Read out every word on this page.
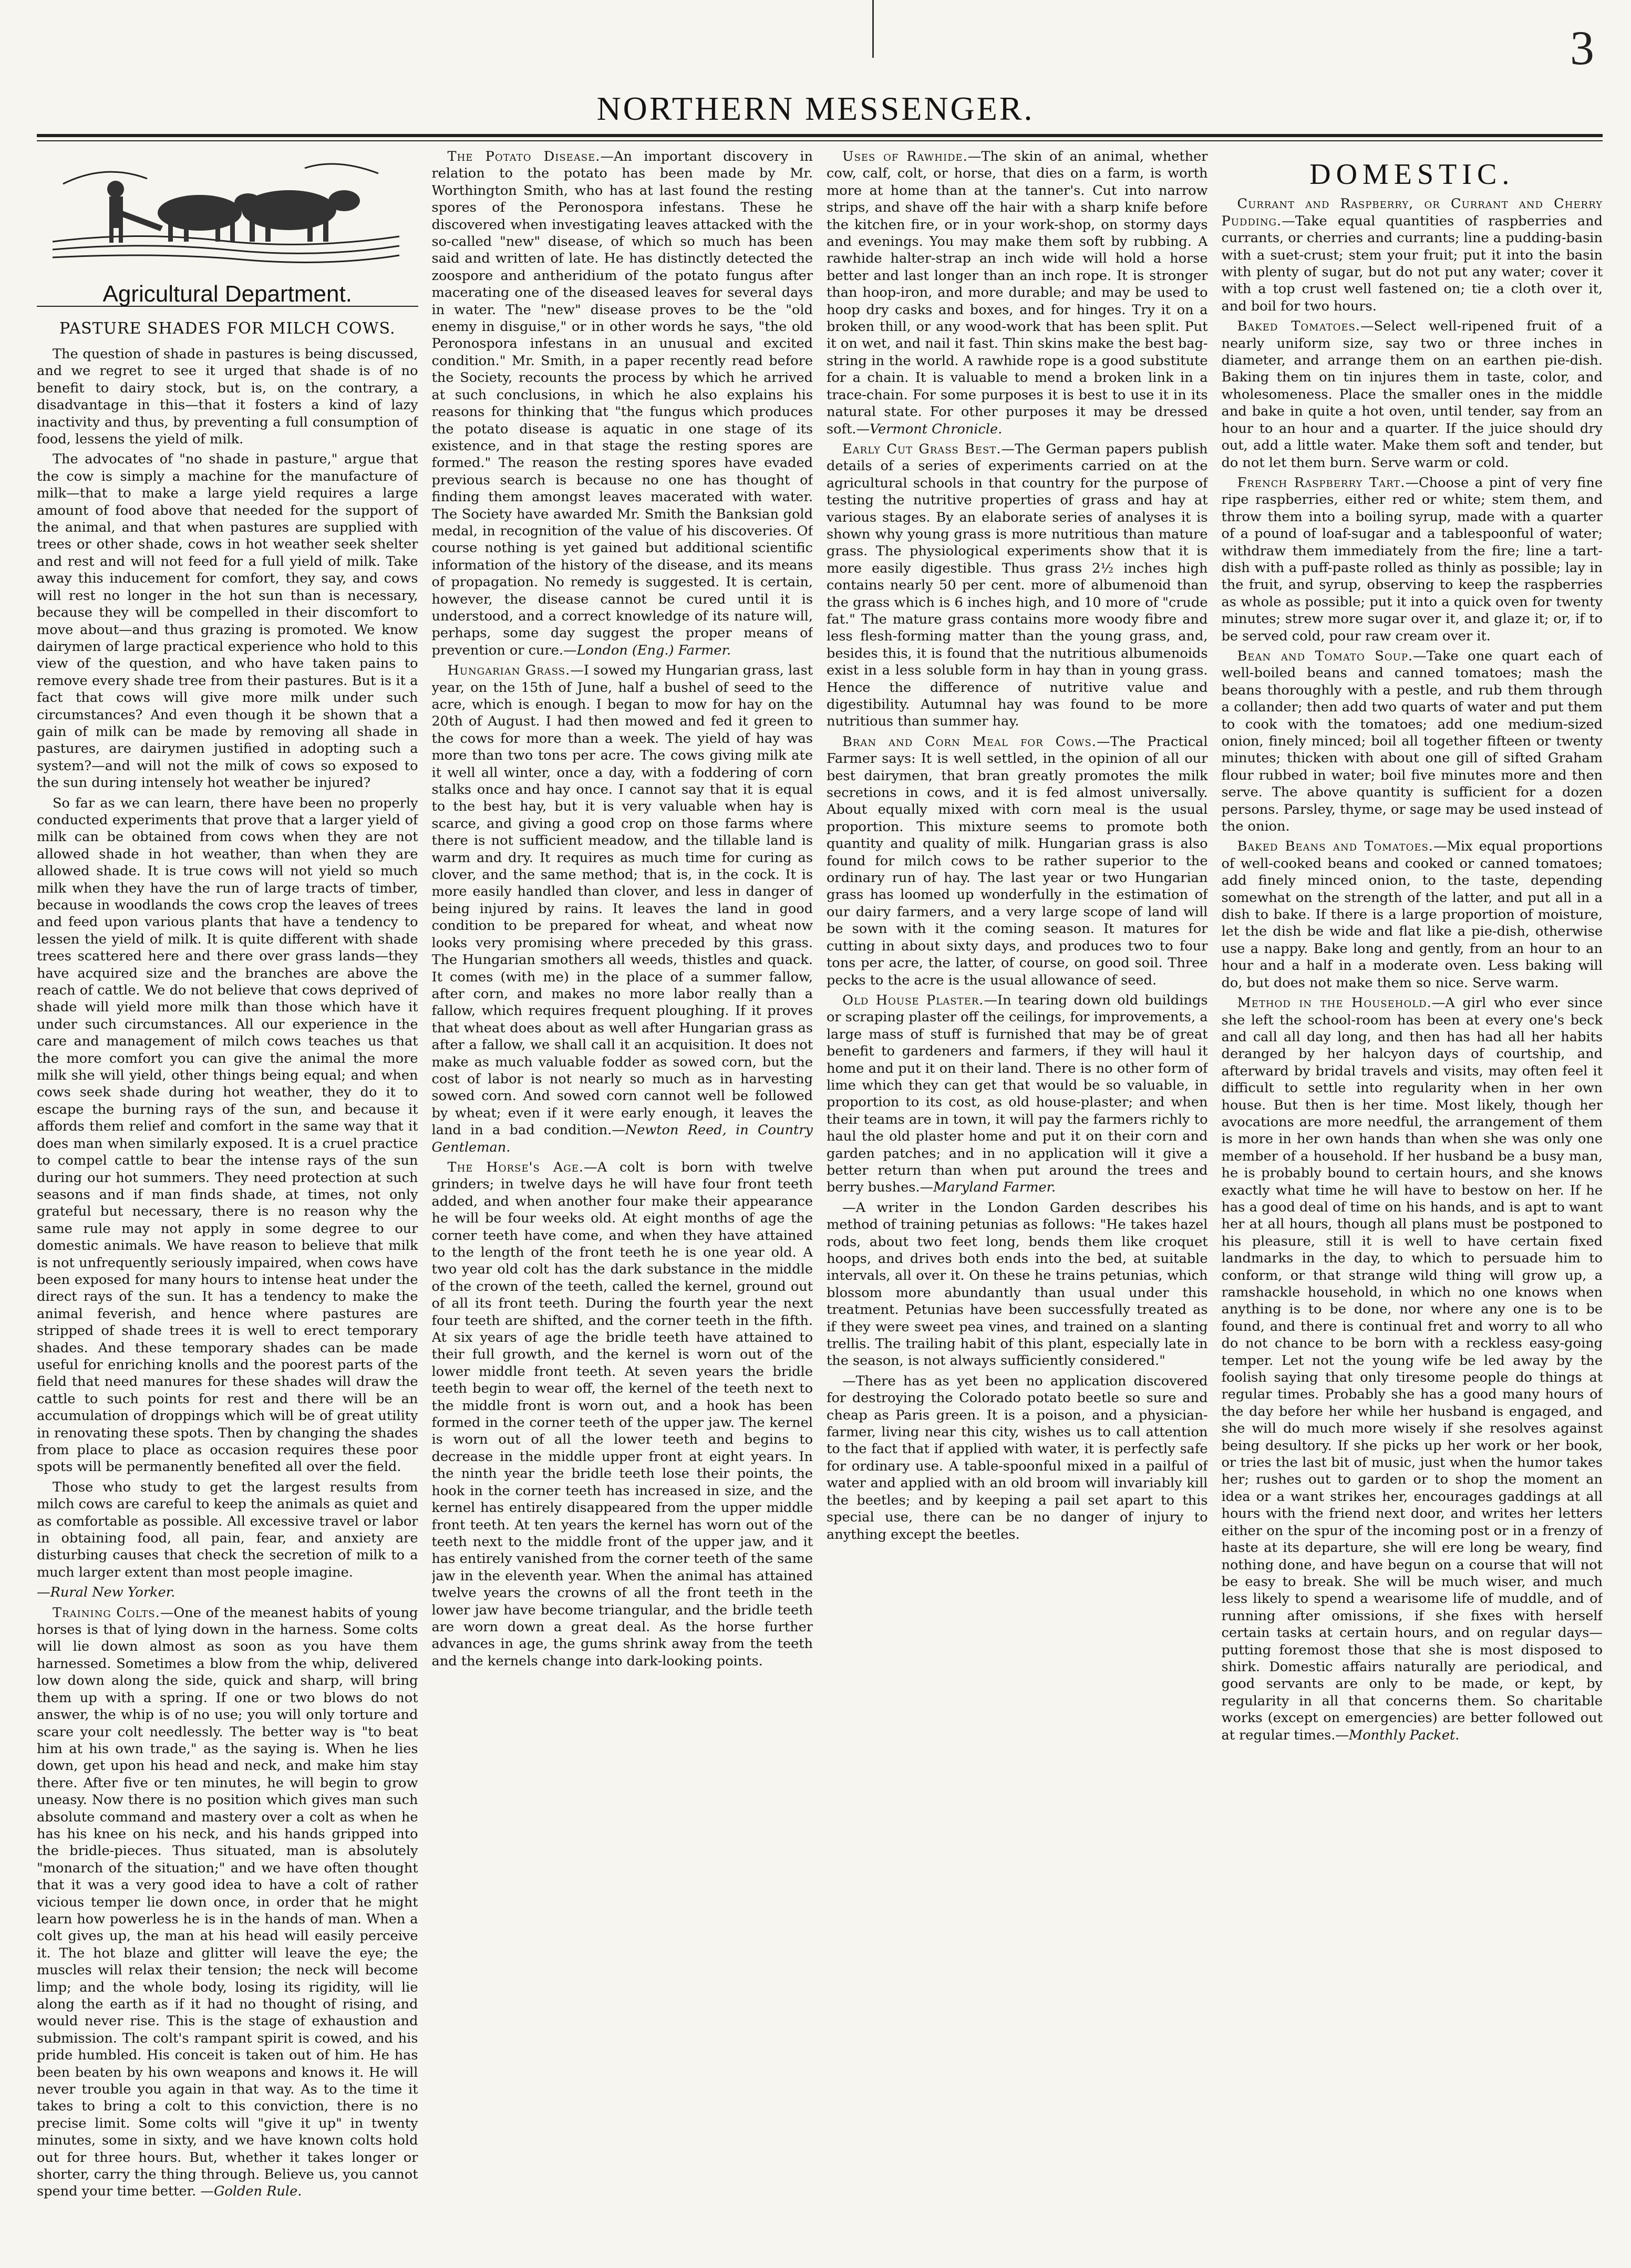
3
NORTHERN MESSENGER.
Agricultural Department.
PASTURE SHADES FOR MILCH COWS.

The question of shade in pastures is being discussed, and we regret to see it urged that shade is of no benefit to dairy stock, but is, on the contrary, a disadvantage in this—that it fosters a kind of lazy inactivity and thus, by preventing a full consumption of food, lessens the yield of milk.

The advocates of "no shade in pasture," argue that the cow is simply a machine for the manufacture of milk—that to make a large yield requires a large amount of food above that needed for the support of the animal, and that when pastures are supplied with trees or other shade, cows in hot weather seek shelter and rest and will not feed for a full yield of milk. Take away this inducement for comfort, they say, and cows will rest no longer in the hot sun than is necessary, because they will be compelled in their discomfort to move about—and thus grazing is promoted. We know dairymen of large practical experience who hold to this view of the question, and who have taken pains to remove every shade tree from their pastures. But is it a fact that cows will give more milk under such circumstances? And even though it be shown that a gain of milk can be made by removing all shade in pastures, are dairymen justified in adopting such a system?—and will not the milk of cows so exposed to the sun during intensely hot weather be injured?

So far as we can learn, there have been no properly conducted experiments that prove that a larger yield of milk can be obtained from cows when they are not allowed shade in hot weather, than when they are allowed shade. It is true cows will not yield so much milk when they have the run of large tracts of timber, because in woodlands the cows crop the leaves of trees and feed upon various plants that have a tendency to lessen the yield of milk. It is quite different with shade trees scattered here and there over grass lands—they have acquired size and the branches are above the reach of cattle. We do not believe that cows deprived of shade will yield more milk than those which have it under such circumstances. All our experience in the care and management of milch cows teaches us that the more comfort you can give the animal the more milk she will yield, other things being equal; and when cows seek shade during hot weather, they do it to escape the burning rays of the sun, and because it affords them relief and comfort in the same way that it does man when similarly exposed. It is a cruel practice to compel cattle to bear the intense rays of the sun during our hot summers. They need protection at such seasons and if man finds shade, at times, not only grateful but necessary, there is no reason why the same rule may not apply in some degree to our domestic animals. We have reason to believe that milk is not unfrequently seriously impaired, when cows have been exposed for many hours to intense heat under the direct rays of the sun. It has a tendency to make the animal feverish, and hence where pastures are stripped of shade trees it is well to erect temporary shades. And these temporary shades can be made useful for enriching knolls and the poorest parts of the field that need manures for these shades will draw the cattle to such points for rest and there will be an accumulation of droppings which will be of great utility in renovating these spots. Then by changing the shades from place to place as occasion requires these poor spots will be permanently benefited all over the field.

Those who study to get the largest results from milch cows are careful to keep the animals as quiet and as comfortable as possible. All excessive travel or labor in obtaining food, all pain, fear, and anxiety are disturbing causes that check the secretion of milk to a much larger extent than most people imagine.

—Rural New Yorker.

Training Colts.—One of the meanest habits of young horses is that of lying down in the harness. Some colts will lie down almost as soon as you have them harnessed. Sometimes a blow from the whip, delivered low down along the side, quick and sharp, will bring them up with a spring. If one or two blows do not answer, the whip is of no use; you will only torture and scare your colt needlessly. The better way is "to beat him at his own trade," as the saying is. When he lies down, get upon his head and neck, and make him stay there. After five or ten minutes, he will begin to grow uneasy. Now there is no position which gives man such absolute command and mastery over a colt as when he has his knee on his neck, and his hands gripped into the bridle-pieces. Thus situated, man is absolutely "monarch of the situation;" and we have often thought that it was a very good idea to have a colt of rather vicious temper lie down once, in order that he might learn how powerless he is in the hands of man. When a colt gives up, the man at his head will easily perceive it. The hot blaze and glitter will leave the eye; the muscles will relax their tension; the neck will become limp; and the whole body, losing its rigidity, will lie along the earth as if it had no thought of rising, and would never rise. This is the stage of exhaustion and submission. The colt's rampant spirit is cowed, and his pride humbled. His conceit is taken out of him. He has been beaten by his own weapons and knows it. He will never trouble you again in that way. As to the time it takes to bring a colt to this conviction, there is no precise limit. Some colts will "give it up" in twenty minutes, some in sixty, and we have known colts hold out for three hours. But, whether it takes longer or shorter, carry the thing through. Believe us, you cannot spend your time better. —Golden Rule.

The Potato Disease.—An important discovery in relation to the potato has been made by Mr. Worthington Smith, who has at last found the resting spores of the Peronospora infestans. These he discovered when investigating leaves attacked with the so-called "new" disease, of which so much has been said and written of late. He has distinctly detected the zoospore and antheridium of the potato fungus after macerating one of the diseased leaves for several days in water. The "new" disease proves to be the "old enemy in disguise," or in other words he says, "the old Peronospora infestans in an unusual and excited condition." Mr. Smith, in a paper recently read before the Society, recounts the process by which he arrived at such conclusions, in which he also explains his reasons for thinking that "the fungus which produces the potato disease is aquatic in one stage of its existence, and in that stage the resting spores are formed." The reason the resting spores have evaded previous search is because no one has thought of finding them amongst leaves macerated with water. The Society have awarded Mr. Smith the Banksian gold medal, in recognition of the value of his discoveries. Of course nothing is yet gained but additional scientific information of the history of the disease, and its means of propagation. No remedy is suggested. It is certain, however, the disease cannot be cured until it is understood, and a correct knowledge of its nature will, perhaps, some day suggest the proper means of prevention or cure.—London (Eng.) Farmer.

Hungarian Grass.—I sowed my Hungarian grass, last year, on the 15th of June, half a bushel of seed to the acre, which is enough. I began to mow for hay on the 20th of August. I had then mowed and fed it green to the cows for more than a week. The yield of hay was more than two tons per acre. The cows giving milk ate it well all winter, once a day, with a foddering of corn stalks once and hay once. I cannot say that it is equal to the best hay, but it is very valuable when hay is scarce, and giving a good crop on those farms where there is not sufficient meadow, and the tillable land is warm and dry. It requires as much time for curing as clover, and the same method; that is, in the cock. It is more easily handled than clover, and less in danger of being injured by rains. It leaves the land in good condition to be prepared for wheat, and wheat now looks very promising where preceded by this grass. The Hungarian smothers all weeds, thistles and quack. It comes (with me) in the place of a summer fallow, after corn, and makes no more labor really than a fallow, which requires frequent ploughing. If it proves that wheat does about as well after Hungarian grass as after a fallow, we shall call it an acquisition. It does not make as much valuable fodder as sowed corn, but the cost of labor is not nearly so much as in harvesting sowed corn. And sowed corn cannot well be followed by wheat; even if it were early enough, it leaves the land in a bad condition.—Newton Reed, in Country Gentleman.

The Horse's Age.—A colt is born with twelve grinders; in twelve days he will have four front teeth added, and when another four make their appearance he will be four weeks old. At eight months of age the corner teeth have come, and when they have attained to the length of the front teeth he is one year old. A two year old colt has the dark substance in the middle of the crown of the teeth, called the kernel, ground out of all its front teeth. During the fourth year the next four teeth are shifted, and the corner teeth in the fifth. At six years of age the bridle teeth have attained to their full growth, and the kernel is worn out of the lower middle front teeth. At seven years the bridle teeth begin to wear off, the kernel of the teeth next to the middle front is worn out, and a hook has been formed in the corner teeth of the upper jaw. The kernel is worn out of all the lower teeth and begins to decrease in the middle upper front at eight years. In the ninth year the bridle teeth lose their points, the hook in the corner teeth has increased in size, and the kernel has entirely disappeared from the upper middle front teeth. At ten years the kernel has worn out of the teeth next to the middle front of the upper jaw, and it has entirely vanished from the corner teeth of the same jaw in the eleventh year. When the animal has attained twelve years the crowns of all the front teeth in the lower jaw have become triangular, and the bridle teeth are worn down a great deal. As the horse further advances in age, the gums shrink away from the teeth and the kernels change into dark-looking points.

Uses of Rawhide.—The skin of an animal, whether cow, calf, colt, or horse, that dies on a farm, is worth more at home than at the tanner's. Cut into narrow strips, and shave off the hair with a sharp knife before the kitchen fire, or in your work-shop, on stormy days and evenings. You may make them soft by rubbing. A rawhide halter-strap an inch wide will hold a horse better and last longer than an inch rope. It is stronger than hoop-iron, and more durable; and may be used to hoop dry casks and boxes, and for hinges. Try it on a broken thill, or any wood-work that has been split. Put it on wet, and nail it fast. Thin skins make the best bag-string in the world. A rawhide rope is a good substitute for a chain. It is valuable to mend a broken link in a trace-chain. For some purposes it is best to use it in its natural state. For other purposes it may be dressed soft.—Vermont Chronicle.

Early Cut Grass Best.—The German papers publish details of a series of experiments carried on at the agricultural schools in that country for the purpose of testing the nutritive properties of grass and hay at various stages. By an elaborate series of analyses it is shown why young grass is more nutritious than mature grass. The physiological experiments show that it is more easily digestible. Thus grass 2½ inches high contains nearly 50 per cent. more of albumenoid than the grass which is 6 inches high, and 10 more of "crude fat." The mature grass contains more woody fibre and less flesh-forming matter than the young grass, and, besides this, it is found that the nutritious albumenoids exist in a less soluble form in hay than in young grass. Hence the difference of nutritive value and digestibility. Autumnal hay was found to be more nutritious than summer hay.

Bran and Corn Meal for Cows.—The Practical Farmer says: It is well settled, in the opinion of all our best dairymen, that bran greatly promotes the milk secretions in cows, and it is fed almost universally. About equally mixed with corn meal is the usual proportion. This mixture seems to promote both quantity and quality of milk. Hungarian grass is also found for milch cows to be rather superior to the ordinary run of hay. The last year or two Hungarian grass has loomed up wonderfully in the estimation of our dairy farmers, and a very large scope of land will be sown with it the coming season. It matures for cutting in about sixty days, and produces two to four tons per acre, the latter, of course, on good soil. Three pecks to the acre is the usual allowance of seed.

Old House Plaster.—In tearing down old buildings or scraping plaster off the ceilings, for improvements, a large mass of stuff is furnished that may be of great benefit to gardeners and farmers, if they will haul it home and put it on their land. There is no other form of lime which they can get that would be so valuable, in proportion to its cost, as old house-plaster; and when their teams are in town, it will pay the farmers richly to haul the old plaster home and put it on their corn and garden patches; and in no application will it give a better return than when put around the trees and berry bushes.—Maryland Farmer.

—A writer in the London Garden describes his method of training petunias as follows: "He takes hazel rods, about two feet long, bends them like croquet hoops, and drives both ends into the bed, at suitable intervals, all over it. On these he trains petunias, which blossom more abundantly than usual under this treatment. Petunias have been successfully treated as if they were sweet pea vines, and trained on a slanting trellis. The trailing habit of this plant, especially late in the season, is not always sufficiently considered."

—There has as yet been no application discovered for destroying the Colorado potato beetle so sure and cheap as Paris green. It is a poison, and a physician-farmer, living near this city, wishes us to call attention to the fact that if applied with water, it is perfectly safe for ordinary use. A table-spoonful mixed in a pailful of water and applied with an old broom will invariably kill the beetles; and by keeping a pail set apart to this special use, there can be no danger of injury to anything except the beetles.

DOMESTIC.

Currant and Raspberry, or Currant and Cherry Pudding.—Take equal quantities of raspberries and currants, or cherries and currants; line a pudding-basin with a suet-crust; stem your fruit; put it into the basin with plenty of sugar, but do not put any water; cover it with a top crust well fastened on; tie a cloth over it, and boil for two hours.

Baked Tomatoes.—Select well-ripened fruit of a nearly uniform size, say two or three inches in diameter, and arrange them on an earthen pie-dish. Baking them on tin injures them in taste, color, and wholesomeness. Place the smaller ones in the middle and bake in quite a hot oven, until tender, say from an hour to an hour and a quarter. If the juice should dry out, add a little water. Make them soft and tender, but do not let them burn. Serve warm or cold.

French Raspberry Tart.—Choose a pint of very fine ripe raspberries, either red or white; stem them, and throw them into a boiling syrup, made with a quarter of a pound of loaf-sugar and a tablespoonful of water; withdraw them immediately from the fire; line a tart-dish with a puff-paste rolled as thinly as possible; lay in the fruit, and syrup, observing to keep the raspberries as whole as possible; put it into a quick oven for twenty minutes; strew more sugar over it, and glaze it; or, if to be served cold, pour raw cream over it.

Bean and Tomato Soup.—Take one quart each of well-boiled beans and canned tomatoes; mash the beans thoroughly with a pestle, and rub them through a collander; then add two quarts of water and put them to cook with the tomatoes; add one medium-sized onion, finely minced; boil all together fifteen or twenty minutes; thicken with about one gill of sifted Graham flour rubbed in water; boil five minutes more and then serve. The above quantity is sufficient for a dozen persons. Parsley, thyme, or sage may be used instead of the onion.

Baked Beans and Tomatoes.—Mix equal proportions of well-cooked beans and cooked or canned tomatoes; add finely minced onion, to the taste, depending somewhat on the strength of the latter, and put all in a dish to bake. If there is a large proportion of moisture, let the dish be wide and flat like a pie-dish, otherwise use a nappy. Bake long and gently, from an hour to an hour and a half in a moderate oven. Less baking will do, but does not make them so nice. Serve warm.

Method in the Household.—A girl who ever since she left the school-room has been at every one's beck and call all day long, and then has had all her habits deranged by her halcyon days of courtship, and afterward by bridal travels and visits, may often feel it difficult to settle into regularity when in her own house. But then is her time. Most likely, though her avocations are more needful, the arrangement of them is more in her own hands than when she was only one member of a household. If her husband be a busy man, he is probably bound to certain hours, and she knows exactly what time he will have to bestow on her. If he has a good deal of time on his hands, and is apt to want her at all hours, though all plans must be postponed to his pleasure, still it is well to have certain fixed landmarks in the day, to which to persuade him to conform, or that strange wild thing will grow up, a ramshackle household, in which no one knows when anything is to be done, nor where any one is to be found, and there is continual fret and worry to all who do not chance to be born with a reckless easy-going temper. Let not the young wife be led away by the foolish saying that only tiresome people do things at regular times. Probably she has a good many hours of the day before her while her husband is engaged, and she will do much more wisely if she resolves against being desultory. If she picks up her work or her book, or tries the last bit of music, just when the humor takes her; rushes out to garden or to shop the moment an idea or a want strikes her, encourages gaddings at all hours with the friend next door, and writes her letters either on the spur of the incoming post or in a frenzy of haste at its departure, she will ere long be weary, find nothing done, and have begun on a course that will not be easy to break. She will be much wiser, and much less likely to spend a wearisome life of muddle, and of running after omissions, if she fixes with herself certain tasks at certain hours, and on regular days—putting foremost those that she is most disposed to shirk. Domestic affairs naturally are periodical, and good servants are only to be made, or kept, by regularity in all that concerns them. So charitable works (except on emergencies) are better followed out at regular times.—Monthly Packet.
